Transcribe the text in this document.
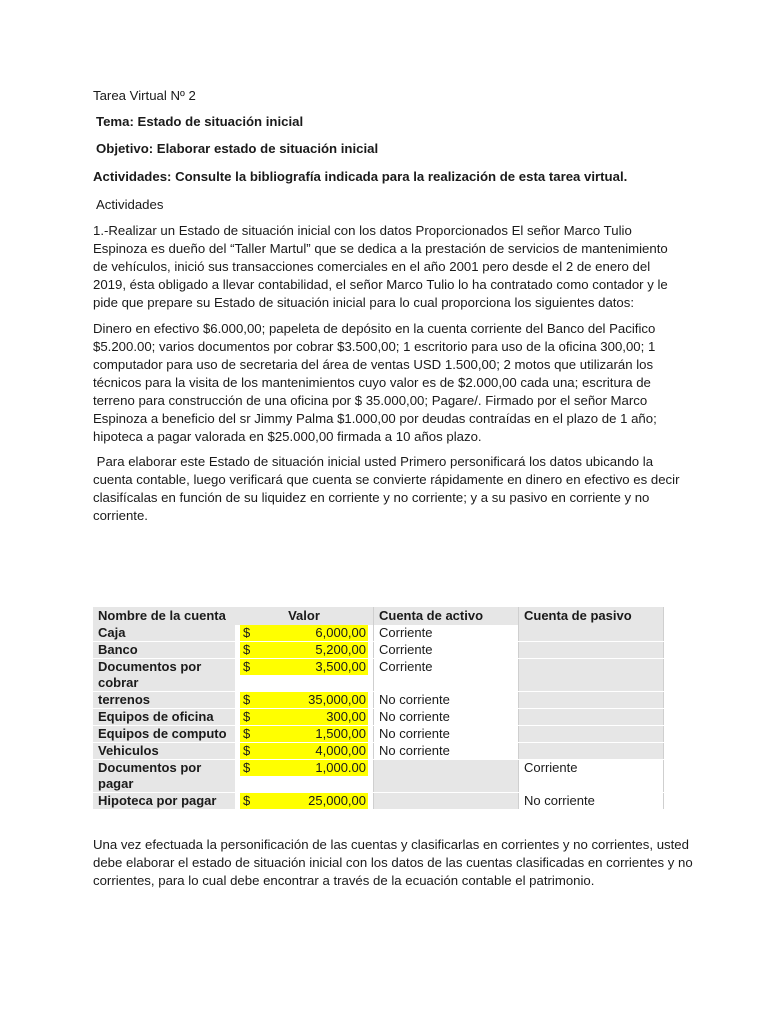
Tarea Virtual Nº 2
Tema: Estado de situación inicial
Objetivo: Elaborar estado de situación inicial
Actividades: Consulte la bibliografía indicada para la realización de esta tarea virtual.
Actividades

1.-Realizar un Estado de situación inicial con los datos Proporcionados El señor Marco Tulio Espinoza es dueño del “Taller Martul” que se dedica a la prestación de servicios de mantenimiento de vehículos, inició sus transacciones comerciales en el año 2001 pero desde el 2 de enero del 2019, ésta obligado a llevar contabilidad, el señor Marco Tulio lo ha contratado como contador y le pide que prepare su Estado de situación inicial para lo cual proporciona los siguientes datos:

Dinero en efectivo $6.000,00; papeleta de depósito en la cuenta corriente del Banco del Pacifico $5.200.00; varios documentos por cobrar $3.500,00; 1 escritorio para uso de la oficina 300,00; 1 computador para uso de secretaria del área de ventas USD 1.500,00; 2 motos que utilizarán los técnicos para la visita de los mantenimientos cuyo valor es de $2.000,00 cada una; escritura de terreno para construcción de una oficina por $ 35.000,00; Pagare/. Firmado por el señor Marco Espinoza a beneficio del sr Jimmy Palma $1.000,00 por deudas contraídas en el plazo de 1 año; hipoteca a pagar valorada en $25.000,00 firmada a 10 años plazo.

Para elaborar este Estado de situación inicial usted Primero personificará los datos ubicando la cuenta contable, luego verificará que cuenta se convierte rápidamente en dinero en efectivo es decir clasifícalas en función de su liquidez en corriente y no corriente; y a su pasivo en corriente y no corriente.

Nombre de la cuenta	Valor	Cuenta de activo	Cuenta de pasivo
Caja	$ 6,000,00	Corriente	
Banco	$ 5,200,00	Corriente	
Documentos por cobrar	$ 3,500,00	Corriente	
terrenos	$ 35,000,00	No corriente	
Equipos de oficina	$ 300,00	No corriente	
Equipos de computo	$ 1,500,00	No corriente	
Vehiculos	$ 4,000,00	No corriente	
Documentos por pagar	$ 1,000.00		Corriente
Hipoteca por pagar	$ 25,000,00		No corriente

Una vez efectuada la personificación de las cuentas y clasificarlas en corrientes y no corrientes, usted debe elaborar el estado de situación inicial con los datos de las cuentas clasificadas en corrientes y no corrientes, para lo cual debe encontrar a través de la ecuación contable el patrimonio.
